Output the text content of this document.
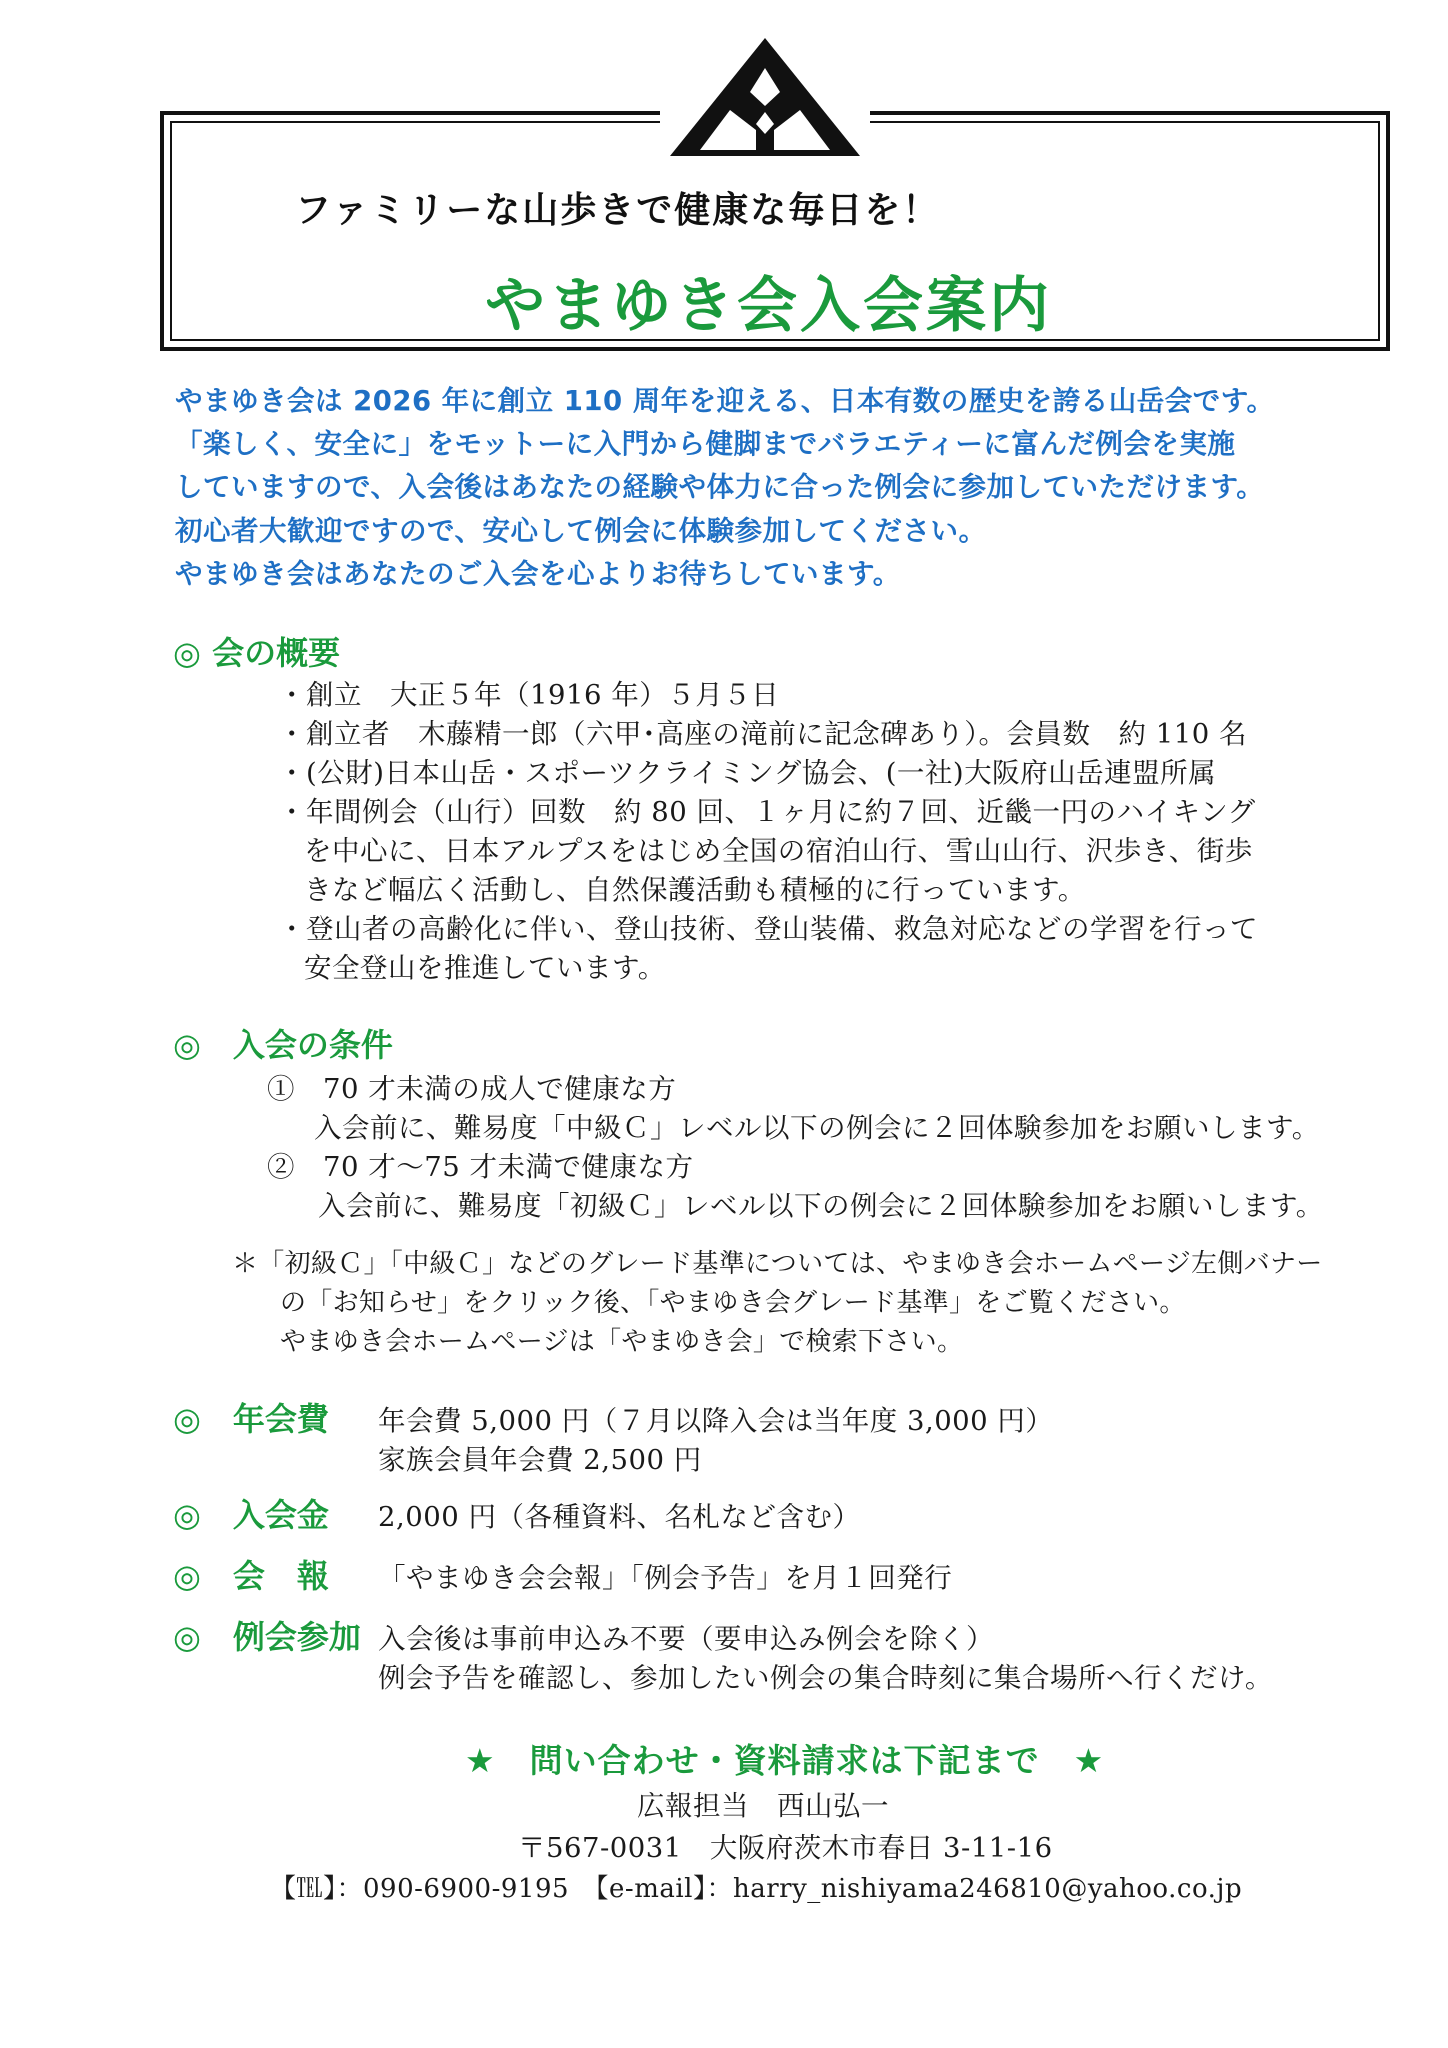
ファミリーな山歩きで健康な毎日を！
やまゆき会入会案内
やまゆき会は 2026 年に創立 110 周年を迎える、日本有数の歴史を誇る山岳会です。
「楽しく、安全に」をモットーに入門から健脚までバラエティーに富んだ例会を実施
していますので、入会後はあなたの経験や体力に合った例会に参加していただけます。
初心者大歓迎ですので、安心して例会に体験参加してください。
やまゆき会はあなたのご入会を心よりお待ちしています。
◎ 会の概要
・創立　大正５年（1916 年）５月５日
・創立者　木藤精一郎（六甲･高座の滝前に記念碑あり）。会員数　約 110 名
・(公財)日本山岳・スポーツクライミング協会、(一社)大阪府山岳連盟所属
・年間例会（山行）回数　約 80 回、１ヶ月に約７回、近畿一円のハイキング
を中心に、日本アルプスをはじめ全国の宿泊山行、雪山山行、沢歩き、街歩
きなど幅広く活動し、自然保護活動も積極的に行っています。
・登山者の高齢化に伴い、登山技術、登山装備、救急対応などの学習を行って
安全登山を推進しています。
◎　入会の条件
①　70 才未満の成人で健康な方
入会前に、難易度「中級Ｃ」レベル以下の例会に２回体験参加をお願いします。
②　70 才～75 才未満で健康な方
入会前に、難易度「初級Ｃ」レベル以下の例会に２回体験参加をお願いします。
＊「初級Ｃ」「中級Ｃ」などのグレード基準については、やまゆき会ホームページ左側バナー
の「お知らせ」をクリック後、「やまゆき会グレード基準」をご覧ください。
やまゆき会ホームページは「やまゆき会」で検索下さい。
◎　年会費 年会費 5,000 円（７月以降入会は当年度 3,000 円）
家族会員年会費 2,500 円
◎　入会金 2,000 円（各種資料、名札など含む）
◎　会　報 「やまゆき会会報」「例会予告」を月１回発行
◎　例会参加 入会後は事前申込み不要（要申込み例会を除く）
例会予告を確認し、参加したい例会の集合時刻に集合場所へ行くだけ。
★　問い合わせ・資料請求は下記まで　★
広報担当　西山弘一
〒567-0031　大阪府茨木市春日 3-11-16
【℡】：090-6900-9195　【e-mail】：harry_nishiyama246810@yahoo.co.jp
